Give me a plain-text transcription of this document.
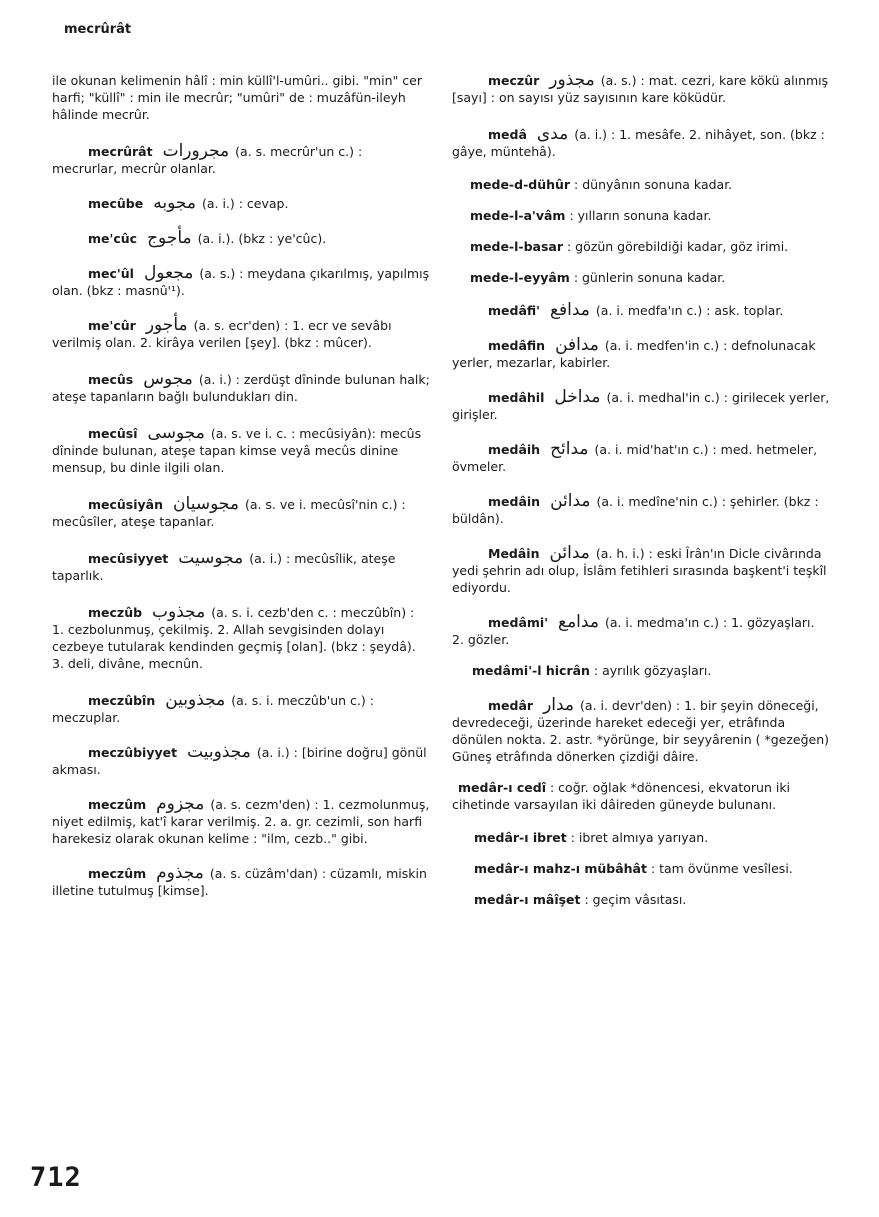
mecrûrât

ile okunan kelimenin hâlî : min küllî'l-umûri.. gibi. "min" cer harfi; "küllî" : min ile mecrûr; "umûri" de : muzâfün-ileyh hâlinde mecrûr.

mecrûrât مجرورات (a. s. mecrûr'un c.) : mecrurlar, mecrûr olanlar.

mecûbe مجوبه (a. i.) : cevap.

me'cûc مأجوج (a. i.). (bkz : ye'cûc).

mec'ûl مجعول (a. s.) : meydana çıkarılmış, yapılmış olan. (bkz : masnû'¹).

me'cûr مأجور (a. s. ecr'den) : 1. ecr ve sevâbı verilmiş olan. 2. kirâya verilen [şey]. (bkz : mûcer).

mecûs مجوس (a. i.) : zerdüşt dîninde bulunan halk; ateşe tapanların bağlı bulundukları din.

mecûsî مجوسى (a. s. ve i. c. : mecûsiyân): mecûs dîninde bulunan, ateşe tapan kimse veyâ mecûs dinine mensup, bu dinle ilgili olan.

mecûsiyân مجوسيان (a. s. ve i. mecûsî'nin c.) : mecûsîler, ateşe tapanlar.

mecûsiyyet مجوسيت (a. i.) : mecûsîlik, ateşe taparlık.

meczûb مجذوب (a. s. i. cezb'den c. : meczûbîn) : 1. cezbolunmuş, çekilmiş. 2. Allah sevgisinden dolayı cezbeye tutularak kendinden geçmiş [olan]. (bkz : şeydâ). 3. deli, divâne, mecnûn.

meczûbîn مجذوبين (a. s. i. meczûb'un c.) : meczuplar.

meczûbiyyet مجذوبيت (a. i.) : [birine doğru] gönül akması.

meczûm مجزوم (a. s. cezm'den) : 1. cezmolunmuş, niyet edilmiş, kat'î karar verilmiş. 2. a. gr. cezimli, son harfi harekesiz olarak okunan kelime : "ilm, cezb.." gibi.

meczûm مجذوم (a. s. cüzâm'dan) : cüzamlı, miskin illetine tutulmuş [kimse].

meczûr مجذور (a. s.) : mat. cezri, kare kökü alınmış [sayı] : on sayısı yüz sayısının kare köküdür.

medâ مدى (a. i.) : 1. mesâfe. 2. nihâyet, son. (bkz : gâye, müntehâ).

mede-d-dühûr : dünyânın sonuna kadar.

mede-l-a'vâm : yılların sonuna kadar.

mede-l-basar : gözün görebildiği kadar, göz irimi.

mede-l-eyyâm : günlerin sonuna kadar.

medâfi' مدافع (a. i. medfa'ın c.) : ask. toplar.

medâfin مدافن (a. i. medfen'in c.) : defnolunacak yerler, mezarlar, kabirler.

medâhil مداخل (a. i. medhal'in c.) : girilecek yerler, girişler.

medâih مدائح (a. i. mid'hat'ın c.) : med. hetmeler, övmeler.

medâin مدائن (a. i. medîne'nin c.) : şehirler. (bkz : büldân).

Medâin مدائن (a. h. i.) : eski Îrân'ın Dicle civârında yedi şehrin adı olup, İslâm fetihleri sırasında başkent'i teşkîl ediyordu.

medâmi' مدامع (a. i. medma'ın c.) : 1. gözyaşları. 2. gözler.

medâmi'-l hicrân : ayrılık gözyaşları.

medâr مدار (a. i. devr'den) : 1. bir şeyin döneceği, devredeceği, üzerinde hareket edeceği yer, etrâfında dönülen nokta. 2. astr. *yörünge, bir seyyârenin ( *gezeğen) Güneş etrâfında dönerken çizdiği dâire.

medâr-ı cedî : coğr. oğlak *dönencesi, ekvatorun iki cihetinde varsayılan iki dâireden güneyde bulunanı.

medâr-ı ibret : ibret almıya yarıyan.

medâr-ı mahz-ı mübâhât : tam övünme vesîlesi.

medâr-ı mâîşet : geçim vâsıtası.

712
